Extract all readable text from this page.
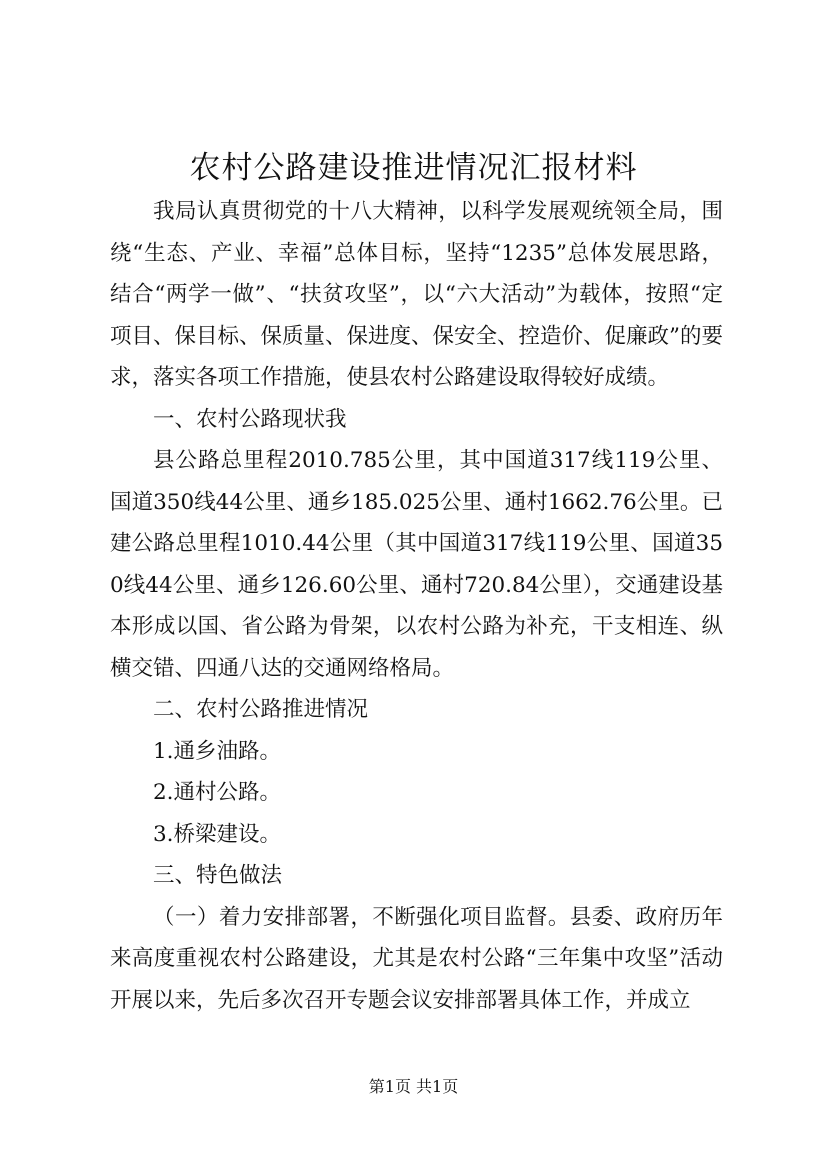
农村公路建设推进情况汇报材料

我局认真贯彻党的十八大精神，以科学发展观统领全局，围绕“生态、产业、幸福”总体目标，坚持“1235”总体发展思路，结合“两学一做”、“扶贫攻坚”，以“六大活动”为载体，按照“定项目、保目标、保质量、保进度、保安全、控造价、促廉政”的要求，落实各项工作措施，使县农村公路建设取得较好成绩。

一、农村公路现状我

县公路总里程2010.785公里，其中国道317线119公里、国道350线44公里、通乡185.025公里、通村1662.76公里。已建公路总里程1010.44公里（其中国道317线119公里、国道350线44公里、通乡126.60公里、通村720.84公里），交通建设基本形成以国、省公路为骨架，以农村公路为补充，干支相连、纵横交错、四通八达的交通网络格局。

二、农村公路推进情况

1.通乡油路。

2.通村公路。

3.桥梁建设。

三、特色做法

（一）着力安排部署，不断强化项目监督。县委、政府历年来高度重视农村公路建设，尤其是农村公路“三年集中攻坚”活动开展以来，先后多次召开专题会议安排部署具体工作，并成立

第1页 共1页
